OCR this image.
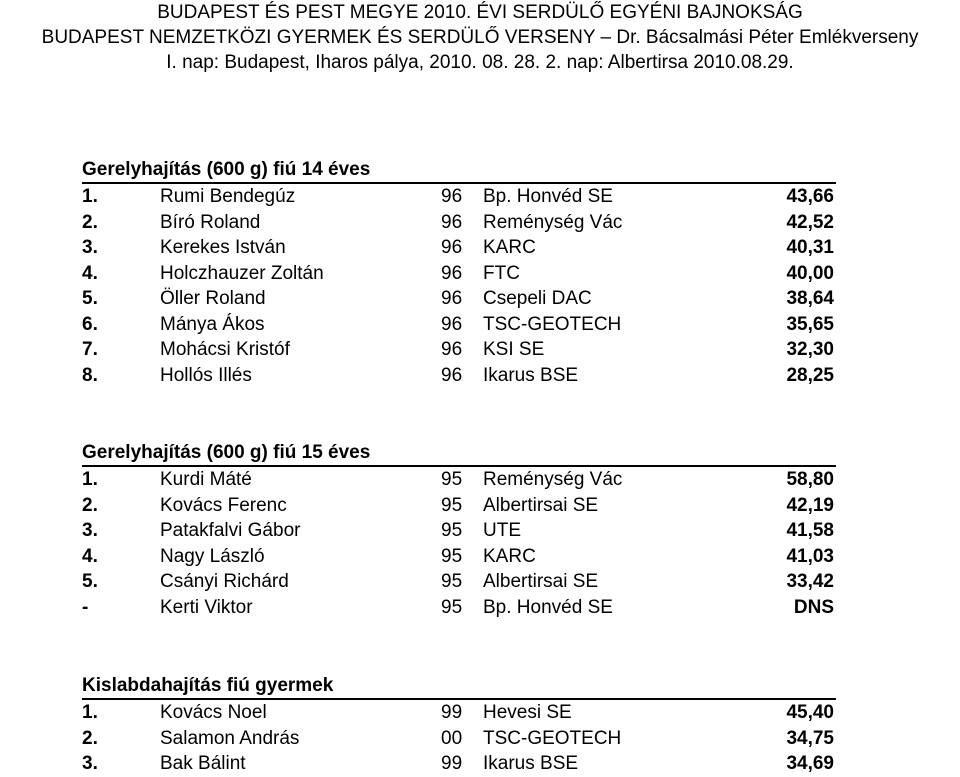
BUDAPEST ÉS PEST MEGYE 2010. ÉVI SERDÜLŐ EGYÉNI BAJNOKSÁG
BUDAPEST NEMZETKÖZI GYERMEK ÉS SERDÜLŐ VERSENY – Dr. Bácsalmási Péter Emlékverseny
I. nap: Budapest, Iharos pálya, 2010. 08. 28. 2. nap: Albertirsa 2010.08.29.
Gerelyhajítás (600 g) fiú 14 éves
1.	Rumi Bendegúz	96 Bp. Honvéd SE	43,66
2.	Bíró Roland	96 Reménység Vác	42,52
3.	Kerekes István	96 KARC	40,31
4.	Holczhauzer Zoltán	96 FTC	40,00
5.	Öller Roland	96 Csepeli DAC	38,64
6.	Mánya Ákos	96 TSC-GEOTECH	35,65
7.	Mohácsi Kristóf	96 KSI SE	32,30
8.	Hollós Illés	96 Ikarus BSE	28,25
Gerelyhajítás (600 g) fiú 15 éves
1.	Kurdi Máté	95 Reménység Vác	58,80
2.	Kovács Ferenc	95 Albertirsai SE	42,19
3.	Patakfalvi Gábor	95 UTE	41,58
4.	Nagy László	95 KARC	41,03
5.	Csányi Richárd	95 Albertirsai SE	33,42
-	Kerti Viktor	95 Bp. Honvéd SE	DNS
Kislabdahajítás fiú gyermek
1.	Kovács Noel	99 Hevesi SE	45,40
2.	Salamon András	00 TSC-GEOTECH	34,75
3.	Bak Bálint	99 Ikarus BSE	34,69
